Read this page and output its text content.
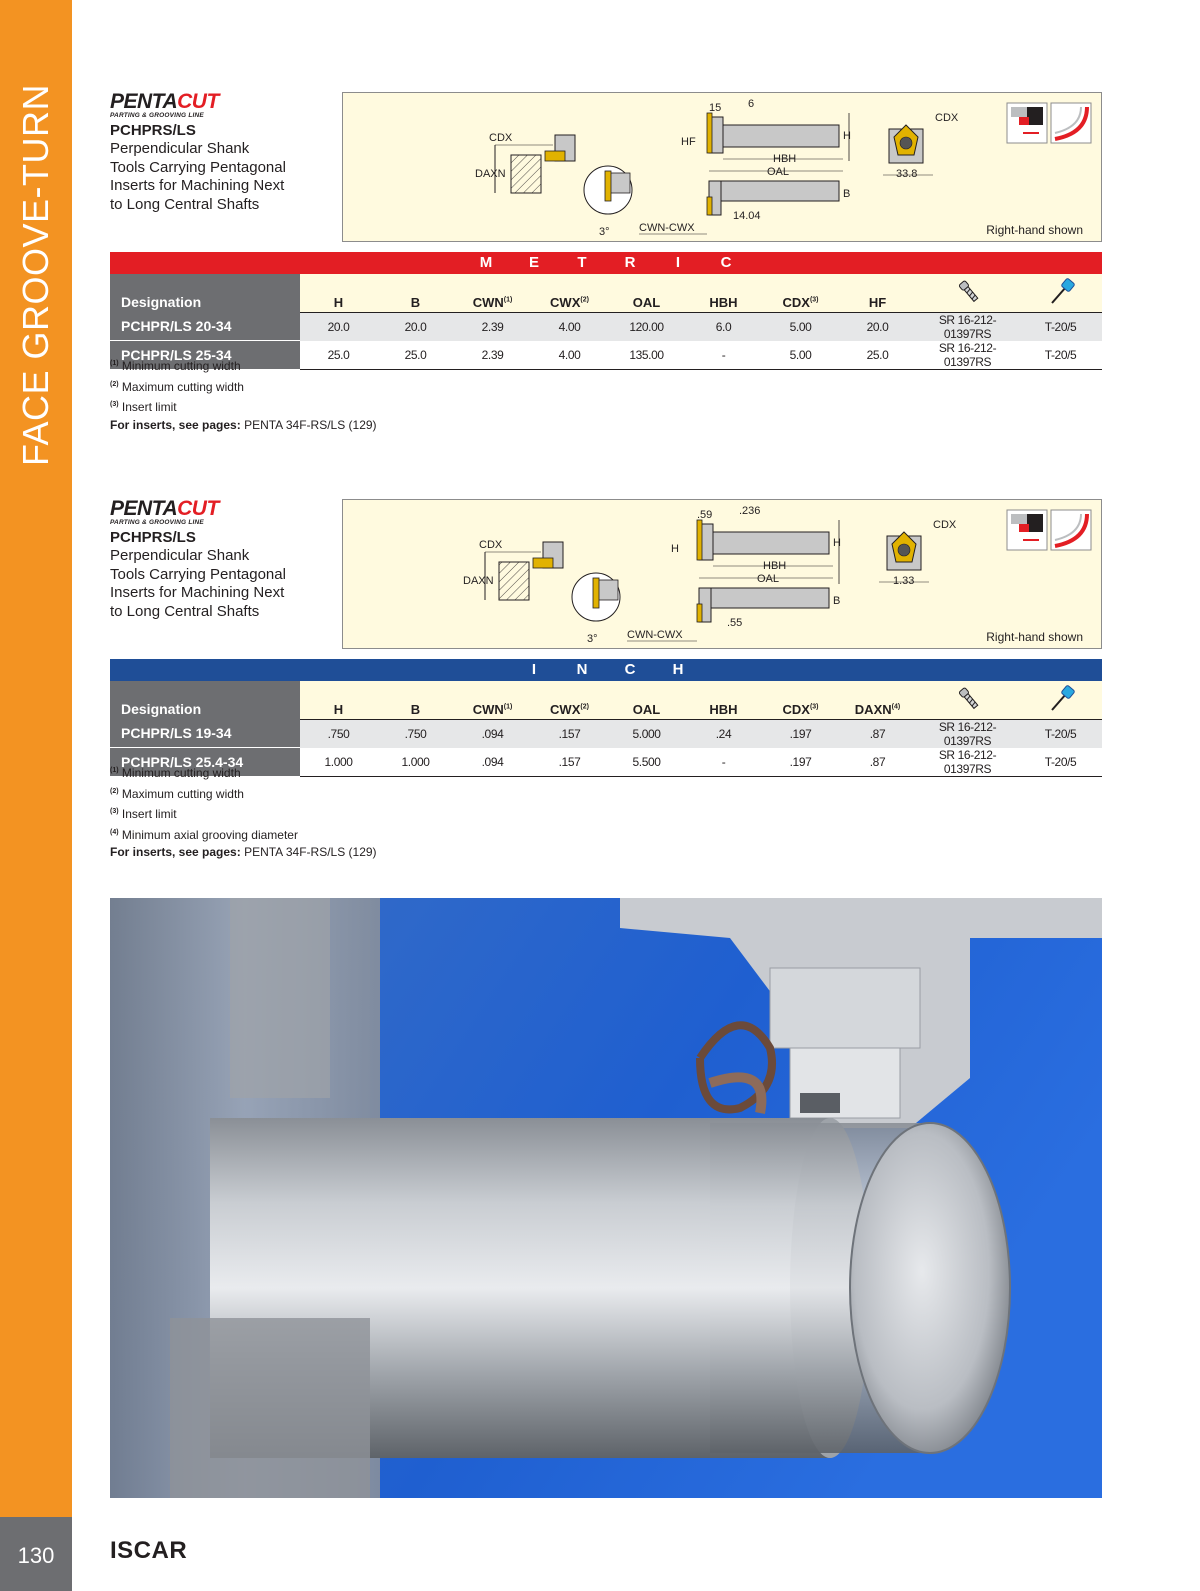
FACE GROOVE-TURN
130	ISCAR
PENTACUT
PARTING & GROOVING LINE
PCHPRS/LS
Perpendicular Shank
Tools Carrying Pentagonal
Inserts for Machining Next
to Long Central Shafts
CDX
DAXN
3°
15 6
HF	H
HBH
OAL
B
CWN-CWX
14.04
CDX
33.8
Right-hand shown
M E	T	R	I	C
Designation	H	B	CWN$^{(1)}$	CWX$^{(2)}$	OAL	HBH	CDX$^{(3)}$	HF		
PCHPR/LS 20-34	20.0	20.0	2.39	4.00	120.00	6.0	5.00	20.0	SR 16-212-01397RS	T-20/5
PCHPR/LS 25-34	25.0	25.0	2.39	4.00	135.00	-	5.00	25.0	SR 16-212-01397RS	T-20/5
$^{(1)}$ Minimum cutting width
$^{(2)}$ Maximum cutting width
$^{(3)}$ Insert limit
For inserts, see pages: PENTA 34F-RS/LS (129)
PENTACUT
PARTING & GROOVING LINE
PCHPRS/LS
Perpendicular Shank
Tools Carrying Pentagonal
Inserts for Machining Next
to Long Central Shafts
CDX
DAXN
3°
.59 .236
H	H
HBH
OAL
B
CWN-CWX
.55
CDX
1.33
Right-hand shown
I	N C H
Designation	H	B	CWN$^{(1)}$	CWX$^{(2)}$	OAL	HBH	CDX$^{(3)}$	DAXN$^{(4)}$		
PCHPR/LS 19-34	.750	.750	.094	.157	5.000	.24	.197	.87	SR 16-212-01397RS	T-20/5
PCHPR/LS 25.4-34	1.000	1.000	.094	.157	5.500	-	.197	.87	SR 16-212-01397RS	T-20/5
$^{(1)}$ Minimum cutting width
$^{(2)}$ Maximum cutting width
$^{(3)}$ Insert limit
$^{(4)}$ Minimum axial grooving diameter
For inserts, see pages: PENTA 34F-RS/LS (129)
